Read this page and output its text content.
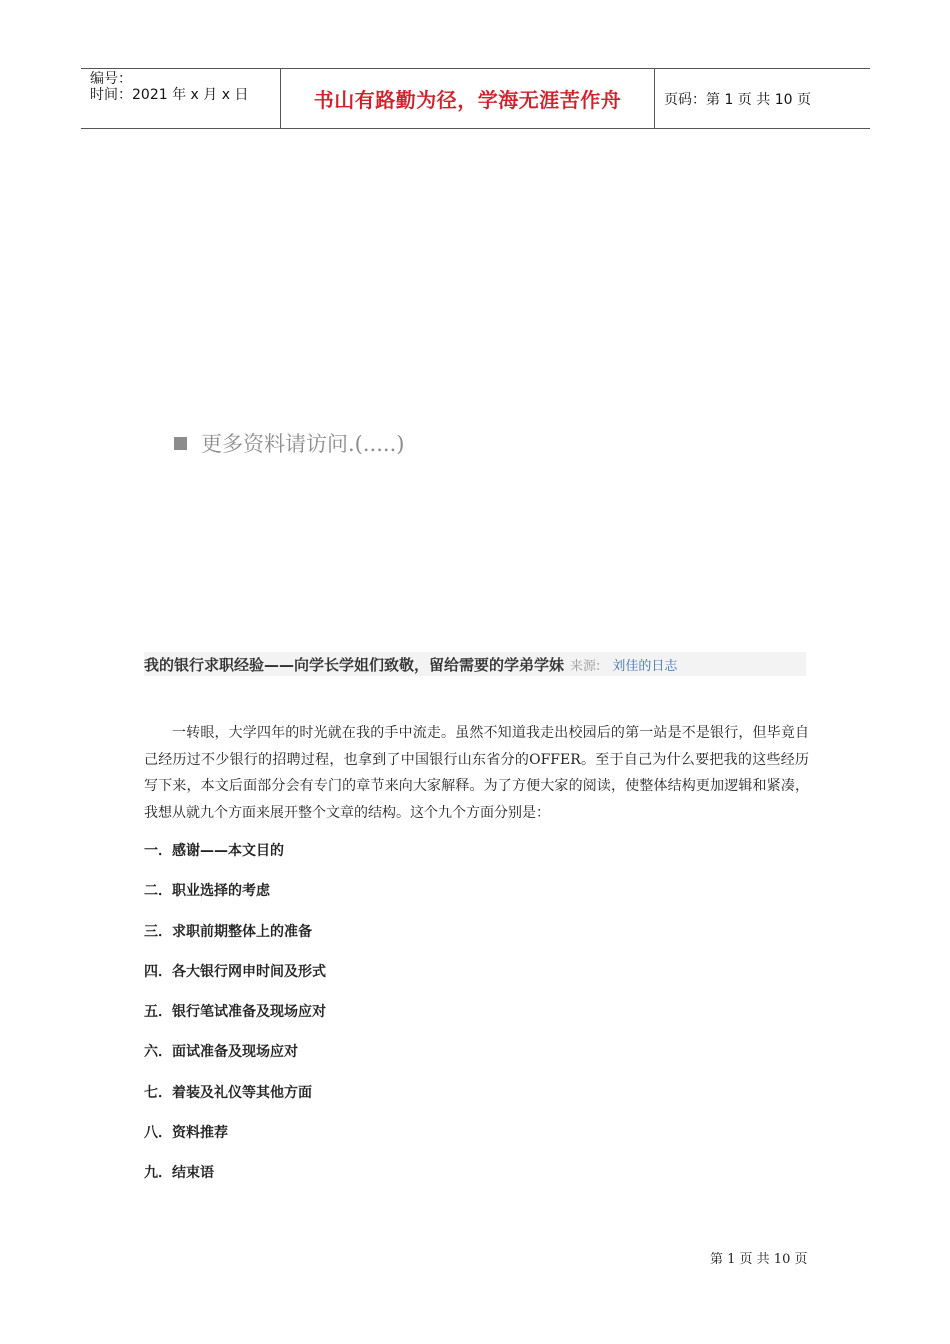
编号：
时间：2021 年 x 月 x 日	书山有路勤为径，学海无涯苦作舟	页码：第 1 页 共 10 页
更多资料请访问.(.....)
我的银行求职经验——向学长学姐们致敬，留给需要的学弟学妹 来源: 刘佳的日志

一转眼，大学四年的时光就在我的手中流走。虽然不知道我走出校园后的第一站是不是银行，但毕竟自己经历过不少银行的招聘过程，也拿到了中国银行山东省分的OFFER。至于自己为什么要把我的这些经历写下来，本文后面部分会有专门的章节来向大家解释。为了方便大家的阅读，使整体结构更加逻辑和紧凑，我想从就九个方面来展开整个文章的结构。这个九个方面分别是：

一．感谢——本文目的
二．职业选择的考虑
三．求职前期整体上的准备
四．各大银行网申时间及形式
五．银行笔试准备及现场应对
六．面试准备及现场应对
七．着装及礼仪等其他方面
八．资料推荐
九．结束语
第 1 页 共 10 页
